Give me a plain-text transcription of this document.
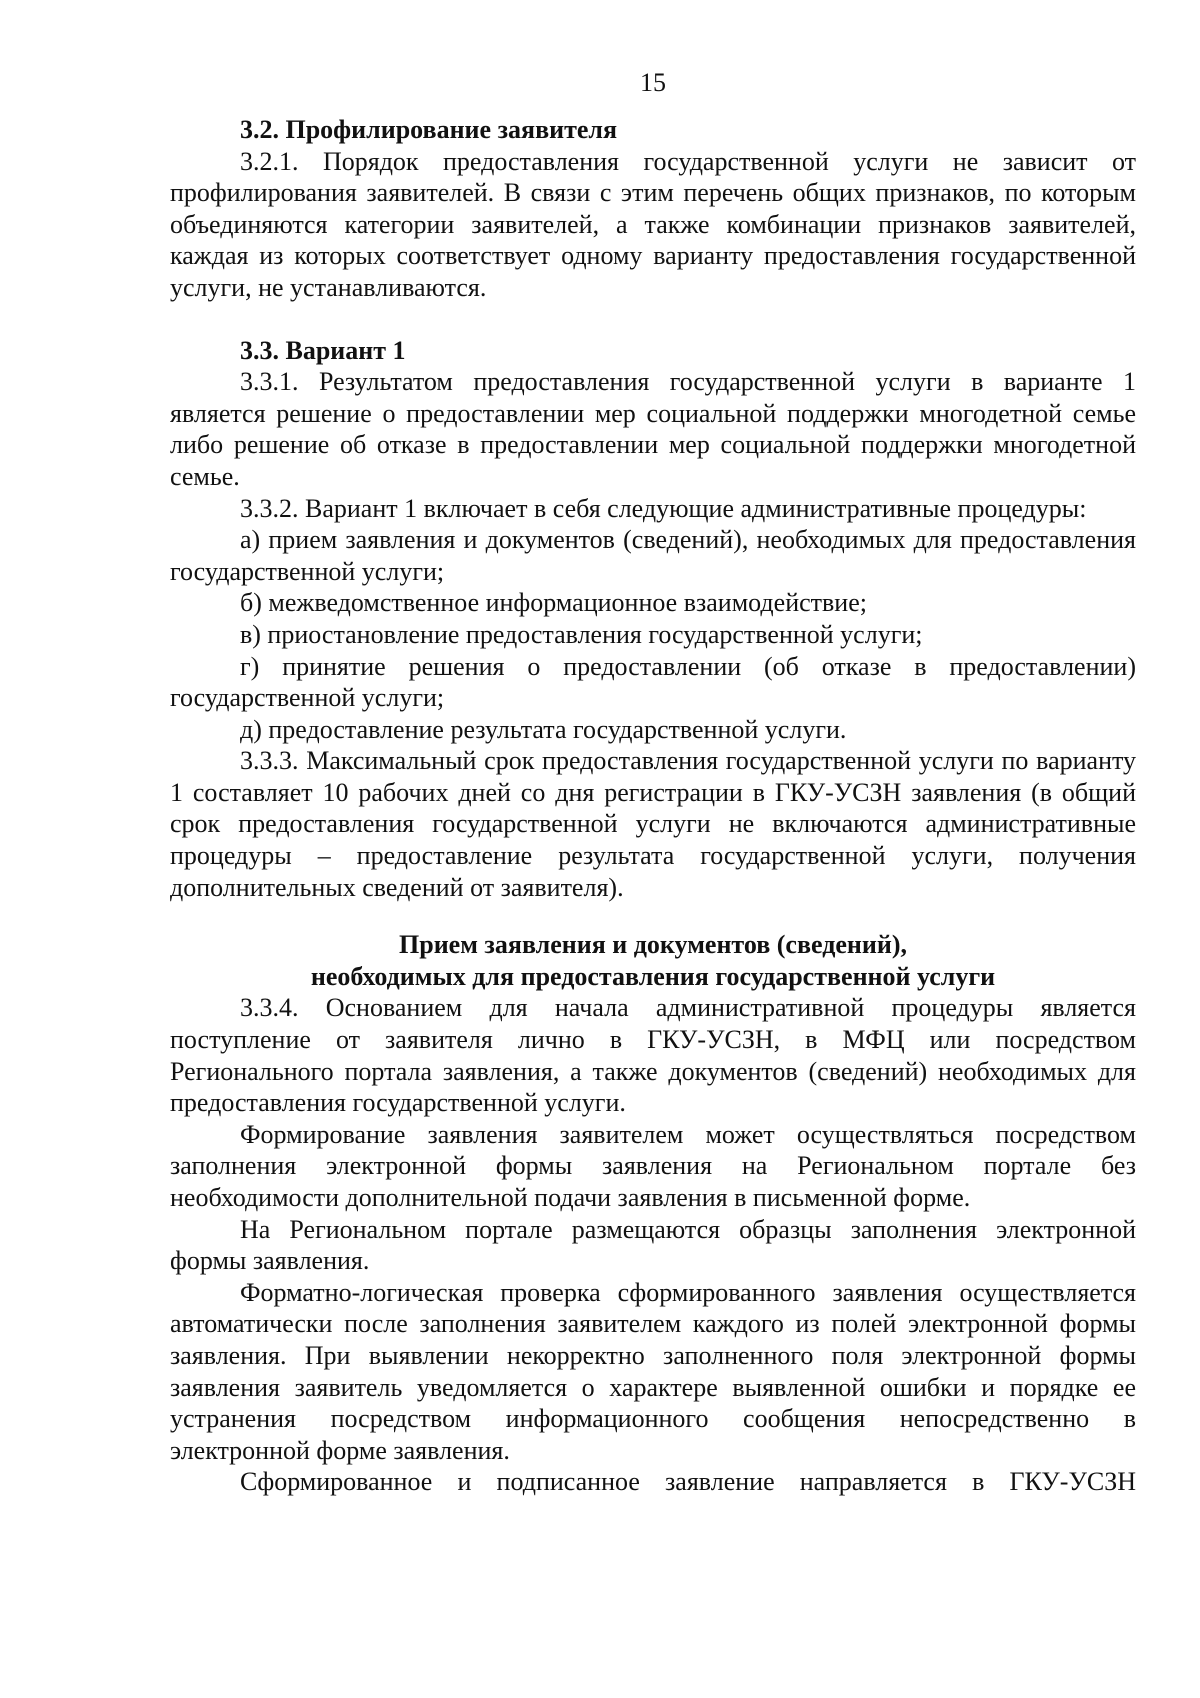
15

3.2. Профилирование заявителя

3.2.1. Порядок предоставления государственной услуги не зависит от профилирования заявителей. В связи с этим перечень общих признаков, по которым объединяются категории заявителей, а также комбинации признаков заявителей, каждая из которых соответствует одному варианту предоставления государственной услуги, не устанавливаются.

3.3. Вариант 1

3.3.1. Результатом предоставления государственной услуги в варианте 1 является решение о предоставлении мер социальной поддержки многодетной семье либо решение об отказе в предоставлении мер социальной поддержки многодетной семье.

3.3.2. Вариант 1 включает в себя следующие административные процедуры:

а) прием заявления и документов (сведений), необходимых для предоставления государственной услуги;

б) межведомственное информационное взаимодействие;

в) приостановление предоставления государственной услуги;

г) принятие решения о предоставлении (об отказе в предоставлении) государственной услуги;

д) предоставление результата государственной услуги.

3.3.3. Максимальный срок предоставления государственной услуги по варианту 1 составляет 10 рабочих дней со дня регистрации в ГКУ-УСЗН заявления (в общий срок предоставления государственной услуги не включаются административные процедуры – предоставление результата государственной услуги, получения дополнительных сведений от заявителя).

Прием заявления и документов (сведений),

необходимых для предоставления государственной услуги

3.3.4. Основанием для начала административной процедуры является поступление от заявителя лично в ГКУ-УСЗН, в МФЦ или посредством Регионального портала заявления, а также документов (сведений) необходимых для предоставления государственной услуги.

Формирование заявления заявителем может осуществляться посредством заполнения электронной формы заявления на Региональном портале без необходимости дополнительной подачи заявления в письменной форме.

На Региональном портале размещаются образцы заполнения электронной формы заявления.

Форматно-логическая проверка сформированного заявления осуществляется автоматически после заполнения заявителем каждого из полей электронной формы заявления. При выявлении некорректно заполненного поля электронной формы заявления заявитель уведомляется о характере выявленной ошибки и порядке ее устранения посредством информационного сообщения непосредственно в электронной форме заявления.

Сформированное и подписанное заявление направляется в ГКУ-УСЗН
